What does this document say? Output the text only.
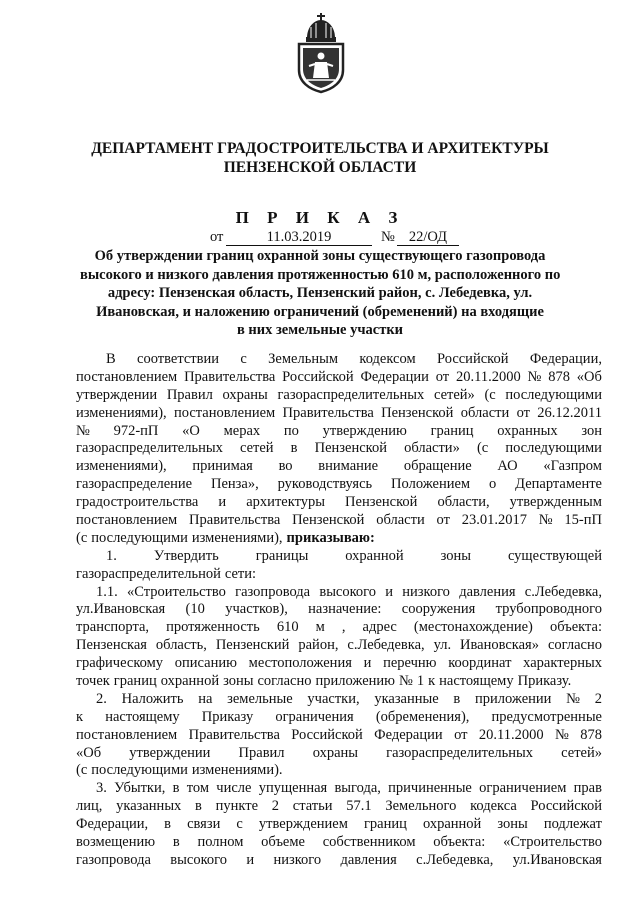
ДЕПАРТАМЕНТ ГРАДОСТРОИТЕЛЬСТВА И АРХИТЕКТУРЫ
ПЕНЗЕНСКОЙ ОБЛАСТИ
П Р И К А З
от	11.03.2019	№ 22/ОД
Об утверждении границ охранной зоны существующего газопровода
высокого и низкого давления протяженностью 610 м, расположенного по
адресу: Пензенская область, Пензенский район, с. Лебедевка, ул.
Ивановская, и наложению ограничений (обременений) на входящие
в них земельные участки
В соответствии с Земельным кодексом Российской Федерации,
постановлением Правительства Российской Федерации от 20.11.2000 № 878 «Об
утверждении Правил охраны газораспределительных сетей» (с последующими
изменениями), постановлением Правительства Пензенской области от 26.12.2011
№ 972-пП «О мерах по утверждению границ охранных зон
газораспределительных сетей в Пензенской области» (с последующими
изменениями), принимая во внимание обращение АО «Газпром
газораспределение Пенза», руководствуясь Положением о Департаменте
градостроительства и архитектуры Пензенской области, утвержденным
постановлением Правительства Пензенской области от 23.01.2017 № 15-пП
(с последующими изменениями), приказываю:
1.	Утвердить	границы	охранной	зоны	существующей
газораспределительной сети:
1.1. «Строительство газопровода высокого и низкого давления с.Лебедевка,
ул.Ивановская (10 участков), назначение: сооружения трубопроводного
транспорта, протяженность 610 м , адрес (местонахождение) объекта:
Пензенская область, Пензенский район, с.Лебедевка, ул. Ивановская» согласно
графическому описанию местоположения и перечню координат характерных
точек границ охранной зоны согласно приложению № 1 к настоящему Приказу.
2. Наложить на земельные участки, указанные в приложении № 2
к настоящему Приказу ограничения (обременения), предусмотренные
постановлением Правительства Российской Федерации от 20.11.2000 № 878
«Об утверждении Правил охраны газораспределительных сетей»
(с последующими изменениями).
3. Убытки, в том числе упущенная выгода, причиненные ограничением прав
лиц, указанных в пункте 2 статьи 57.1 Земельного кодекса Российской
Федерации, в связи с утверждением границ охранной зоны подлежат
возмещению в полном объеме собственником объекта: «Строительство
газопровода высокого и низкого давления с.Лебедевка, ул.Ивановская
